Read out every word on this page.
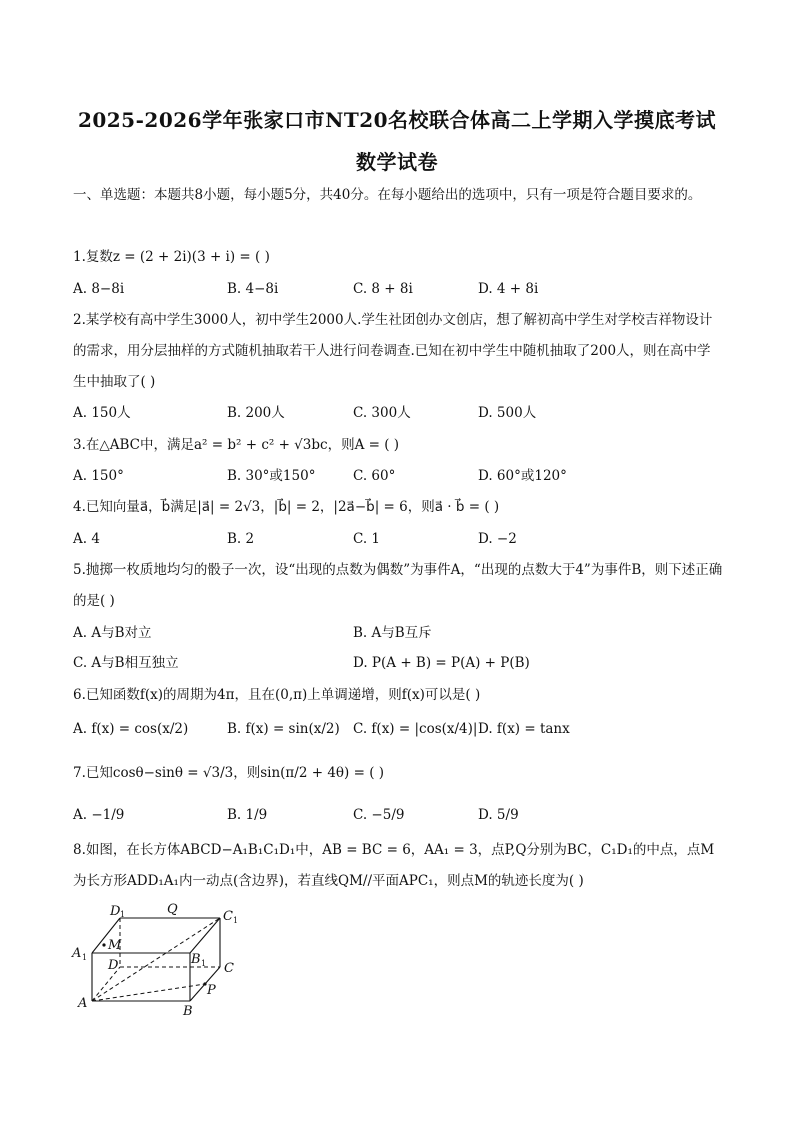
2025-2026学年张家口市NT20名校联合体高二上学期入学摸底考试
数学试卷
一、单选题：本题共8小题，每小题5分，共40分。在每小题给出的选项中，只有一项是符合题目要求的。
1.复数z = (2 + 2i)(3 + i) = ( )
A. 8−8i	B. 4−8i	C. 8 + 8i	D. 4 + 8i
2.某学校有高中学生3000人，初中学生2000人.学生社团创办文创店，想了解初高中学生对学校吉祥物设计的需求，用分层抽样的方式随机抽取若干人进行问卷调查.已知在初中学生中随机抽取了200人，则在高中学生中抽取了( )
A. 150人	B. 200人	C. 300人	D. 500人
3.在△ABC中，满足a² = b² + c² + √3bc，则A = ( )
A. 150°	B. 30°或150°	C. 60°	D. 60°或120°
4.已知向量a⃗，b⃗满足|a⃗| = 2√3，|b⃗| = 2，|2a⃗−b⃗| = 6，则a⃗ · b⃗ = ( )
A. 4	B. 2	C. 1	D. −2
5.抛掷一枚质地均匀的骰子一次，设“出现的点数为偶数”为事件A，“出现的点数大于4”为事件B，则下述正确的是( )
A. A与B对立	B. A与B互斥
C. A与B相互独立	D. P(A + B) = P(A) + P(B)
6.已知函数f(x)的周期为4π，且在(0,π)上单调递增，则f(x)可以是( )
A. f(x) = cos(x/2)	B. f(x) = sin(x/2) C. f(x) = |cos(x/4)| D. f(x) = tanx
7.已知cosθ−sinθ = √3/3，则sin(π/2 + 4θ) = ( )
A. −1/9	B. 1/9	C. −5/9	D. 5/9
8.如图，在长方体ABCD−A₁B₁C₁D₁中，AB = BC = 6，AA₁ = 3，点P,Q分别为BC，C₁D₁的中点，点M为长方形ADD₁A₁内一动点(含边界)，若直线QM//平面APC₁，则点M的轨迹长度为( )
D 1	Q	C 1
A 1
M
D	B 1 C
A
P
B
